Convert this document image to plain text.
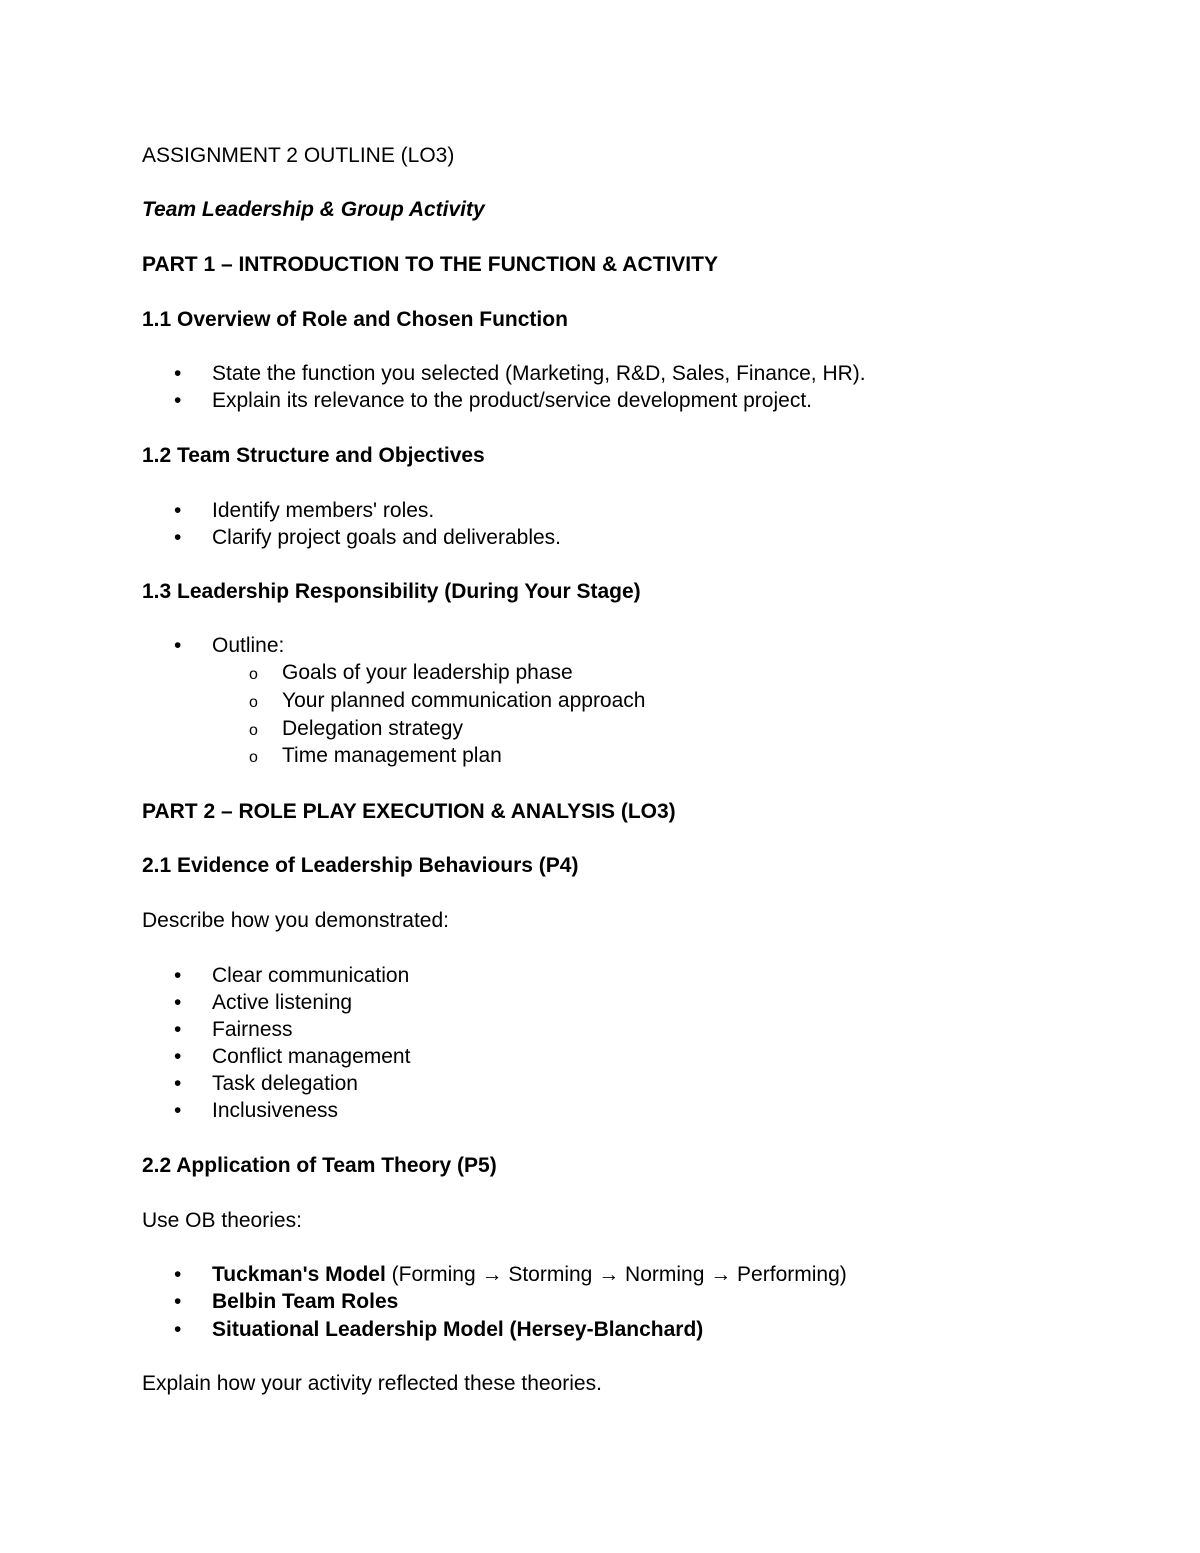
ASSIGNMENT 2 OUTLINE (LO3)

Team Leadership & Group Activity

PART 1 – INTRODUCTION TO THE FUNCTION & ACTIVITY

1.1 Overview of Role and Chosen Function

• State the function you selected (Marketing, R&D, Sales, Finance, HR).
• Explain its relevance to the product/service development project.

1.2 Team Structure and Objectives

• Identify members' roles.
• Clarify project goals and deliverables.

1.3 Leadership Responsibility (During Your Stage)

• Outline:
o Goals of your leadership phase
o Your planned communication approach
o Delegation strategy
o Time management plan

PART 2 – ROLE PLAY EXECUTION & ANALYSIS (LO3)

2.1 Evidence of Leadership Behaviours (P4)

Describe how you demonstrated:

• Clear communication
• Active listening
• Fairness
• Conflict management
• Task delegation
• Inclusiveness

2.2 Application of Team Theory (P5)

Use OB theories:

• Tuckman's Model (Forming → Storming → Norming → Performing)
• Belbin Team Roles
• Situational Leadership Model (Hersey-Blanchard)

Explain how your activity reflected these theories.
